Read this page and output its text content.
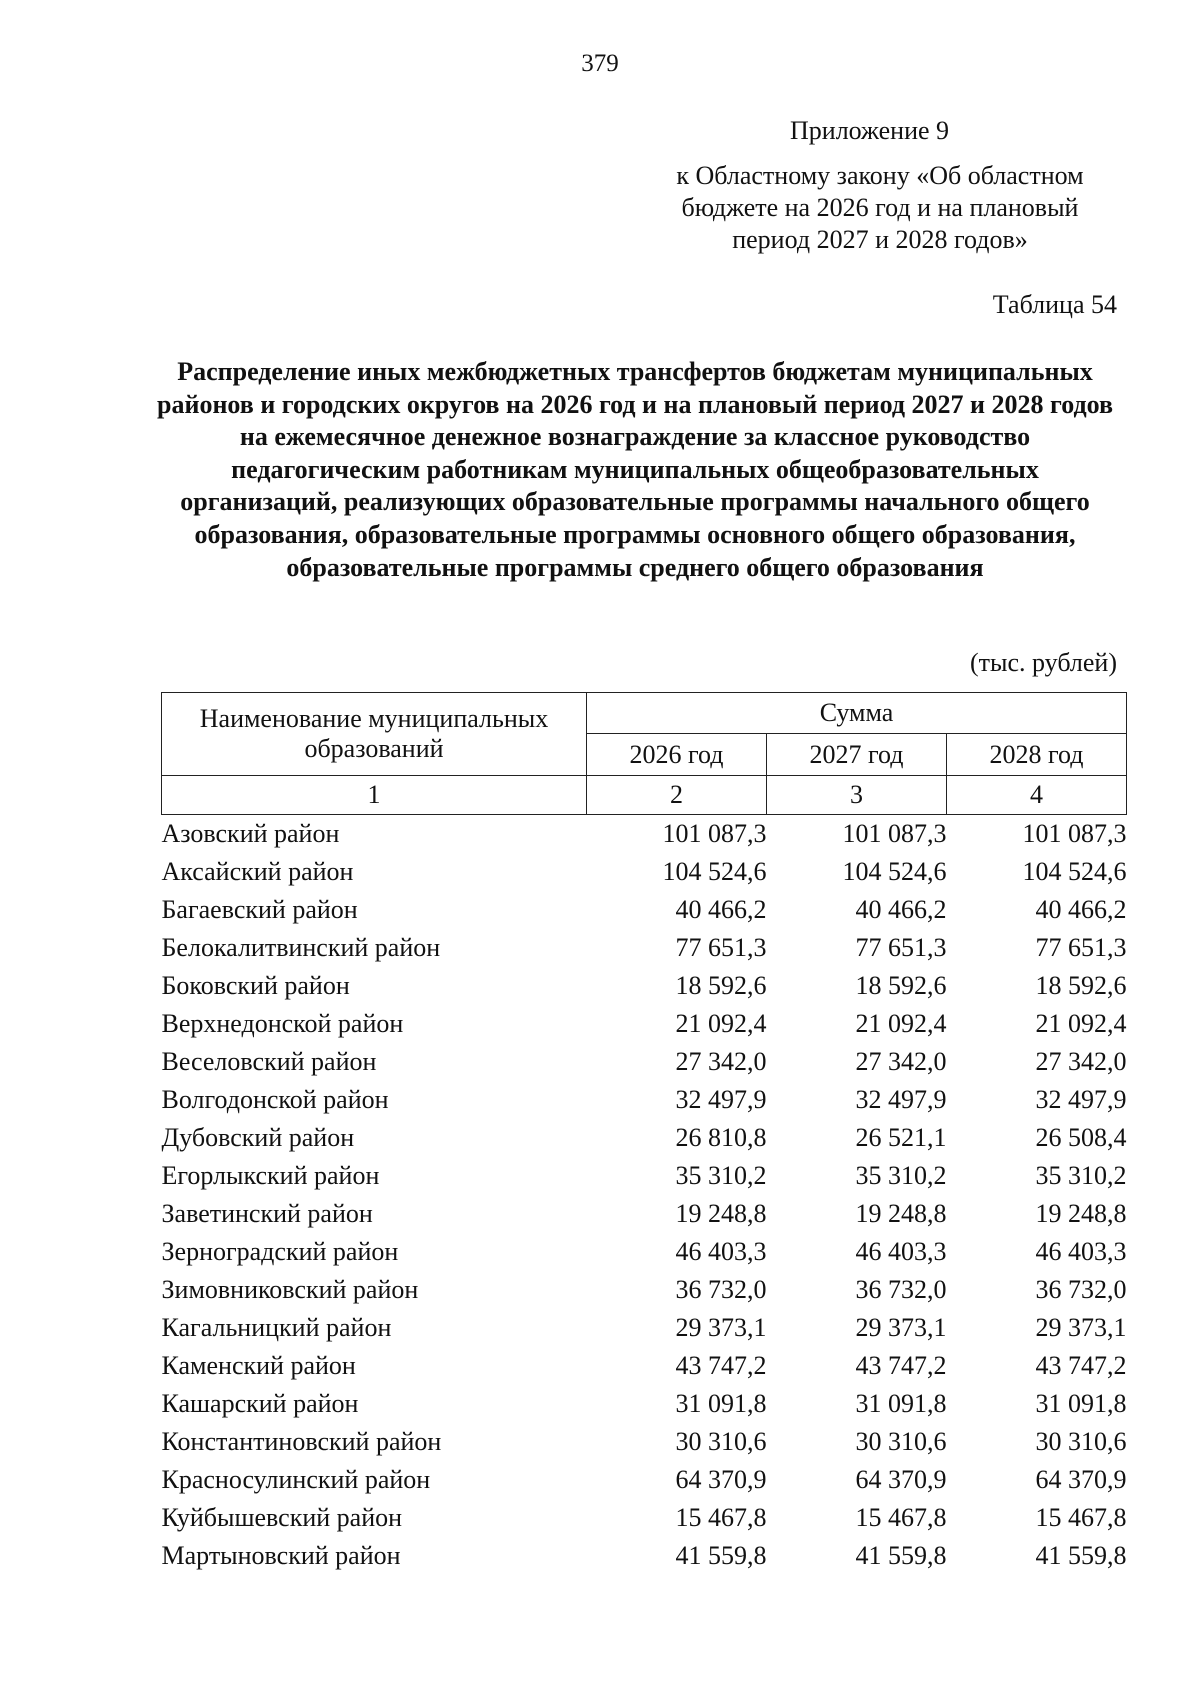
379
Приложение 9
к Областному закону «Об областном бюджете на 2026 год и на плановый период 2027 и 2028 годов»
Таблица 54
Распределение иных межбюджетных трансфертов бюджетам муниципальных районов и городских округов на 2026 год и на плановый период 2027 и 2028 годов на ежемесячное денежное вознаграждение за классное руководство педагогическим работникам муниципальных общеобразовательных организаций, реализующих образовательные программы начального общего образования, образовательные программы основного общего образования, образовательные программы среднего общего образования
(тыс. рублей)
Наименование муниципальных образований	Сумма		
	2026 год	2027 год	2028 год
1	2	3	4
Азовский район	101 087,3	101 087,3	101 087,3
Аксайский район	104 524,6	104 524,6	104 524,6
Багаевский район	40 466,2	40 466,2	40 466,2
Белокалитвинский район	77 651,3	77 651,3	77 651,3
Боковский район	18 592,6	18 592,6	18 592,6
Верхнедонской район	21 092,4	21 092,4	21 092,4
Веселовский район	27 342,0	27 342,0	27 342,0
Волгодонской район	32 497,9	32 497,9	32 497,9
Дубовский район	26 810,8	26 521,1	26 508,4
Егорлыкский район	35 310,2	35 310,2	35 310,2
Заветинский район	19 248,8	19 248,8	19 248,8
Зерноградский район	46 403,3	46 403,3	46 403,3
Зимовниковский район	36 732,0	36 732,0	36 732,0
Кагальницкий район	29 373,1	29 373,1	29 373,1
Каменский район	43 747,2	43 747,2	43 747,2
Кашарский район	31 091,8	31 091,8	31 091,8
Константиновский район	30 310,6	30 310,6	30 310,6
Красносулинский район	64 370,9	64 370,9	64 370,9
Куйбышевский район	15 467,8	15 467,8	15 467,8
Мартыновский район	41 559,8	41 559,8	41 559,8
